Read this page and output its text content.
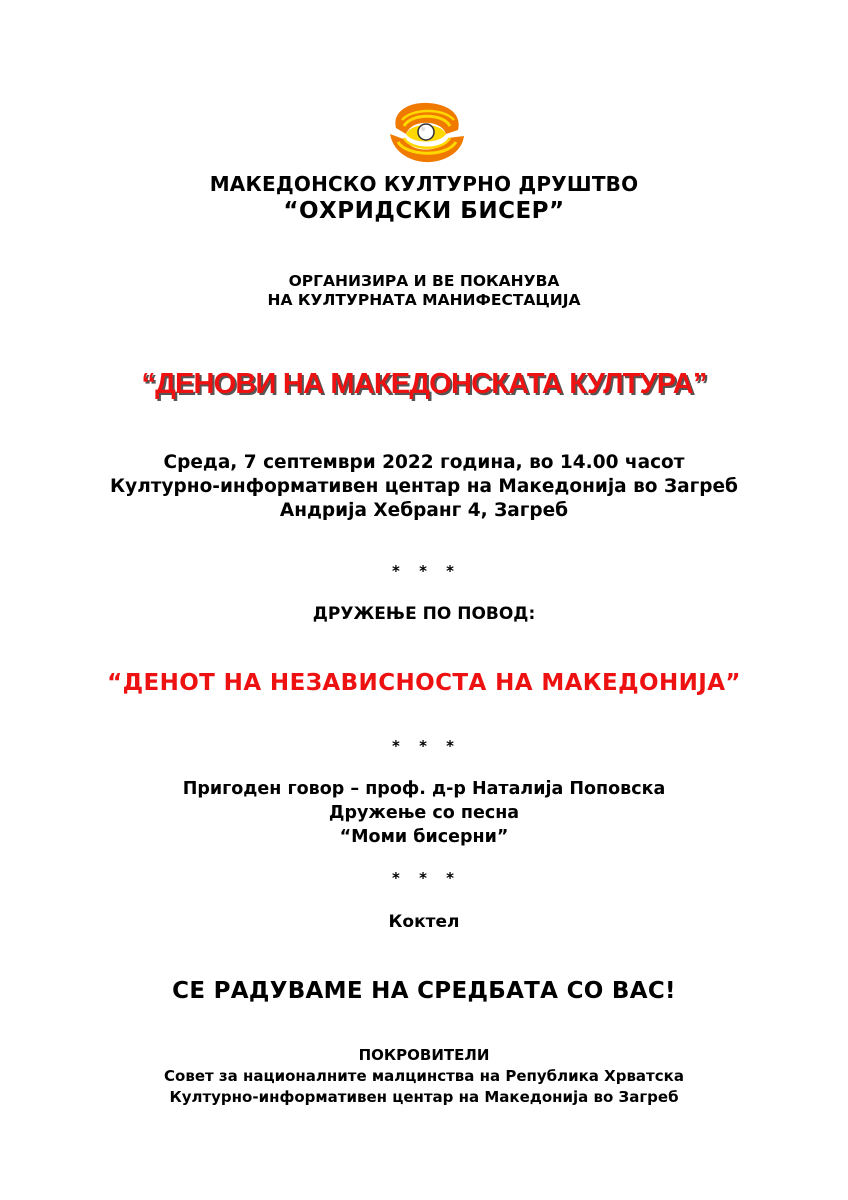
МАКЕДОНСКО КУЛТУРНО ДРУШТВО

“ОХРИДСКИ БИСЕР”

ОРГАНИЗИРА И ВЕ ПОКАНУВА

НА КУЛТУРНАТА МАНИФЕСТАЦИЈА

“ДЕНОВИ НА МАКЕДОНСКАТА КУЛТУРА”

Среда, 7 септември 2022 година, во 14.00 часот

Културно-информативен центар на Македонија во Загреб

Андрија Хебранг 4, Загреб

* * *

ДРУЖЕЊЕ ПО ПОВОД:

“ДЕНОТ НА НЕЗАВИСНОСТА НА МАКЕДОНИЈА”

* * *

Пригоден говор – проф. д-р Наталија Поповска

Дружење со песна

“Моми бисерни”

* * *

Коктел

СЕ РАДУВАМЕ НА СРЕДБАТА СО ВАС!

ПОКРОВИТЕЛИ

Совет за националните малцинства на Република Хрватска

Културно-информативен центар на Македонија во Загреб
